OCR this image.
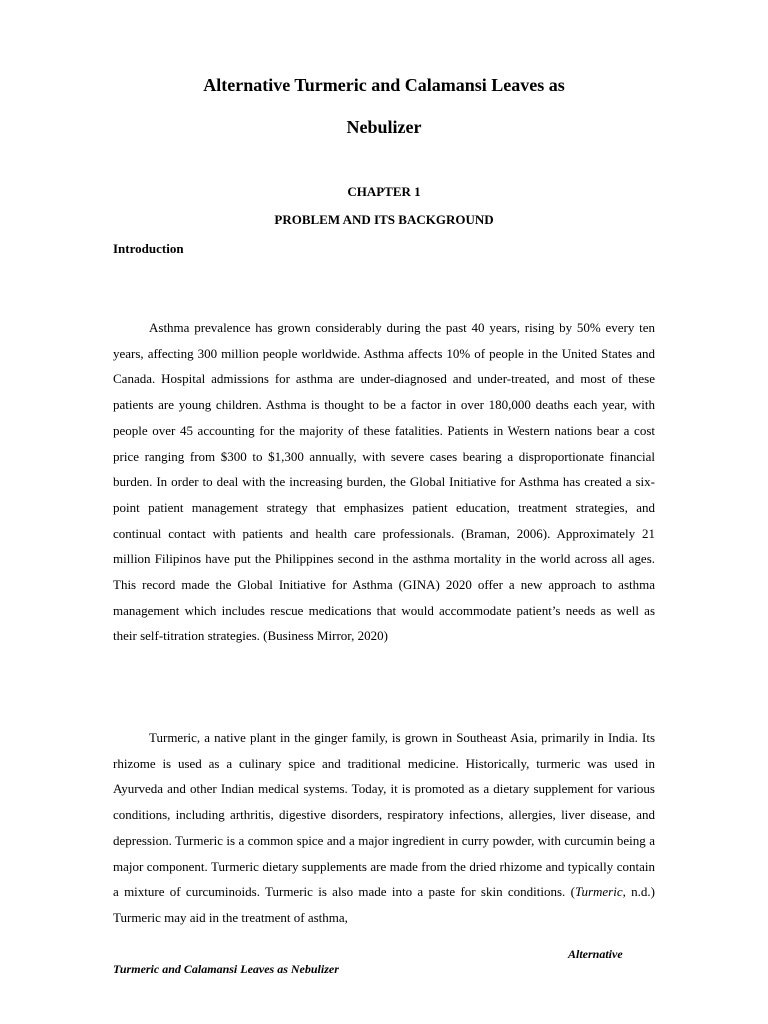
Alternative Turmeric and Calamansi Leaves as
Nebulizer
CHAPTER 1
PROBLEM AND ITS BACKGROUND
Introduction

Asthma prevalence has grown considerably during the past 40 years, rising by 50% every ten years, affecting 300 million people worldwide. Asthma affects 10% of people in the United States and Canada. Hospital admissions for asthma are under-diagnosed and under-treated, and most of these patients are young children. Asthma is thought to be a factor in over 180,000 deaths each year, with people over 45 accounting for the majority of these fatalities. Patients in Western nations bear a cost price ranging from $300 to $1,300 annually, with severe cases bearing a disproportionate financial burden. In order to deal with the increasing burden, the Global Initiative for Asthma has created a six-point patient management strategy that emphasizes patient education, treatment strategies, and continual contact with patients and health care professionals. (Braman, 2006). Approximately 21 million Filipinos have put the Philippines second in the asthma mortality in the world across all ages. This record made the Global Initiative for Asthma (GINA) 2020 offer a new approach to asthma management which includes rescue medications that would accommodate patient’s needs as well as their self-titration strategies. (Business Mirror, 2020)

Turmeric, a native plant in the ginger family, is grown in Southeast Asia, primarily in India. Its rhizome is used as a culinary spice and traditional medicine. Historically, turmeric was used in Ayurveda and other Indian medical systems. Today, it is promoted as a dietary supplement for various conditions, including arthritis, digestive disorders, respiratory infections, allergies, liver disease, and depression. Turmeric is a common spice and a major ingredient in curry powder, with curcumin being a major component. Turmeric dietary supplements are made from the dried rhizome and typically contain a mixture of curcuminoids. Turmeric is also made into a paste for skin conditions. (Turmeric, n.d.) Turmeric may aid in the treatment of asthma,

Alternative

Turmeric and Calamansi Leaves as Nebulizer
